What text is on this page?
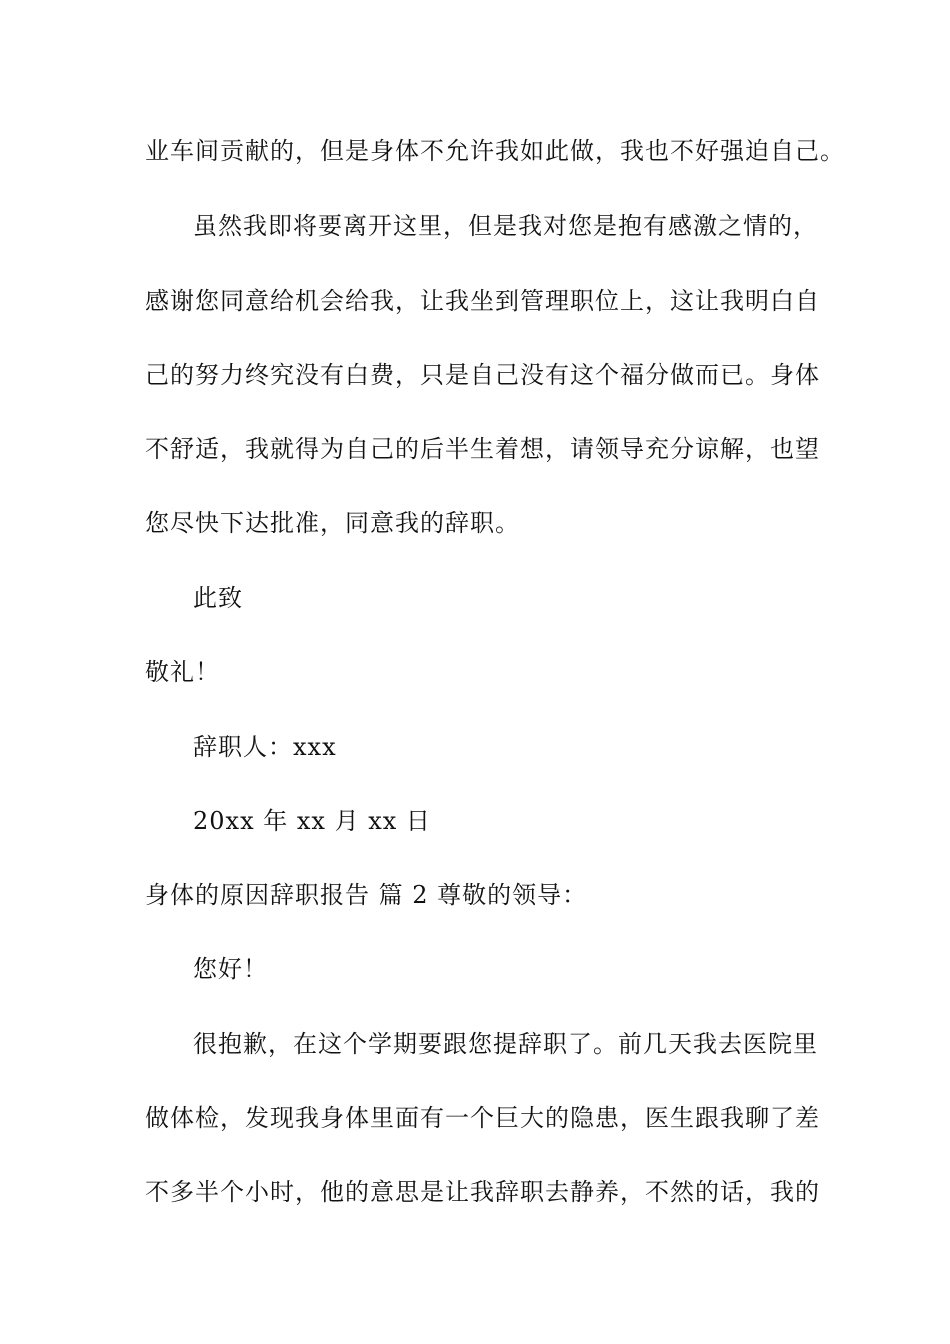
业车间贡献的，但是身体不允许我如此做，我也不好强迫自己。
虽然我即将要离开这里，但是我对您是抱有感激之情的，
感谢您同意给机会给我，让我坐到管理职位上，这让我明白自
己的努力终究没有白费，只是自己没有这个福分做而已。身体
不舒适，我就得为自己的后半生着想，请领导充分谅解，也望
您尽快下达批准，同意我的辞职。
此致
敬礼！
辞职人：xxx
20xx 年 xx 月 xx 日
身体的原因辞职报告 篇 2 尊敬的领导：
您好！
很抱歉，在这个学期要跟您提辞职了。前几天我去医院里
做体检，发现我身体里面有一个巨大的隐患，医生跟我聊了差
不多半个小时，他的意思是让我辞职去静养，不然的话，我的
